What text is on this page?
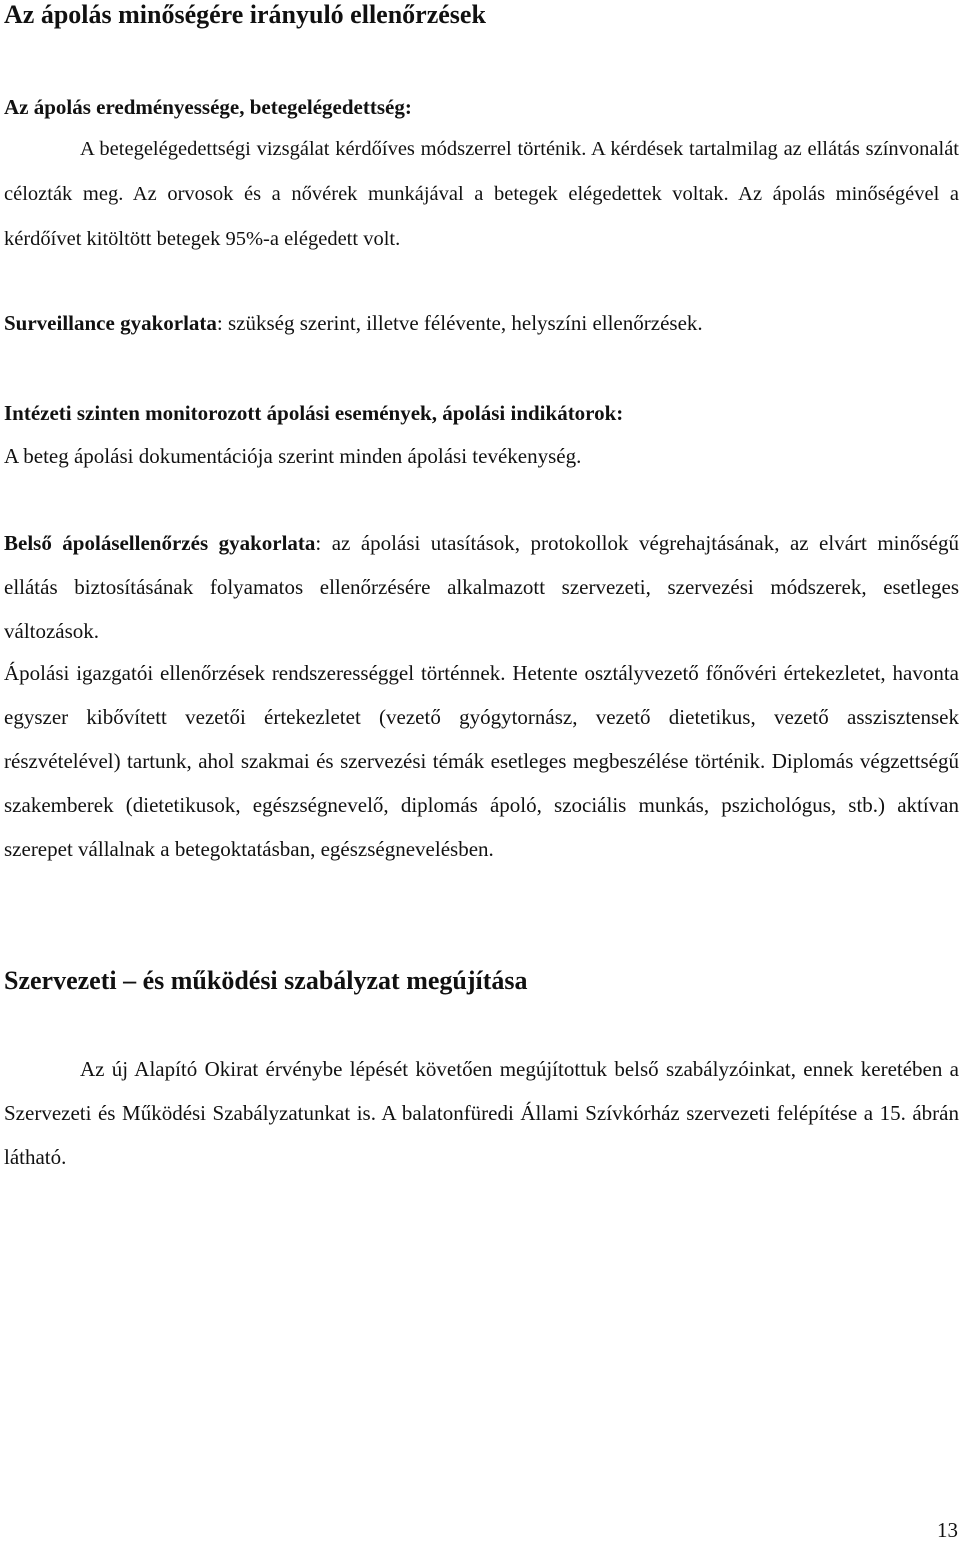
Az ápolás minőségére irányuló ellenőrzések
Az ápolás eredményessége, betegelégedettség:

A betegelégedettségi vizsgálat kérdőíves módszerrel történik. A kérdések tartalmilag az ellátás színvonalát célozták meg. Az orvosok és a nővérek munkájával a betegek elégedettek voltak. Az ápolás minőségével a kérdőívet kitöltött betegek 95%-a elégedett volt.

Surveillance gyakorlata: szükség szerint, illetve félévente, helyszíni ellenőrzések.

Intézeti szinten monitorozott ápolási események, ápolási indikátorok:

A beteg ápolási dokumentációja szerint minden ápolási tevékenység.

Belső ápolásellenőrzés gyakorlata: az ápolási utasítások, protokollok végrehajtásának, az elvárt minőségű ellátás biztosításának folyamatos ellenőrzésére alkalmazott szervezeti, szervezési módszerek, esetleges változások.

Ápolási igazgatói ellenőrzések rendszerességgel történnek. Hetente osztályvezető főnővéri értekezletet, havonta egyszer kibővített vezetői értekezletet (vezető gyógytornász, vezető dietetikus, vezető asszisztensek részvételével) tartunk, ahol szakmai és szervezési témák esetleges megbeszélése történik. Diplomás végzettségű szakemberek (dietetikusok, egészségnevelő, diplomás ápoló, szociális munkás, pszichológus, stb.) aktívan szerepet vállalnak a betegoktatásban, egészségnevelésben.

Szervezeti – és működési szabályzat megújítása

Az új Alapító Okirat érvénybe lépését követően megújítottuk belső szabályzóinkat, ennek keretében a Szervezeti és Működési Szabályzatunkat is. A balatonfüredi Állami Szívkórház szervezeti felépítése a 15. ábrán látható.

13
